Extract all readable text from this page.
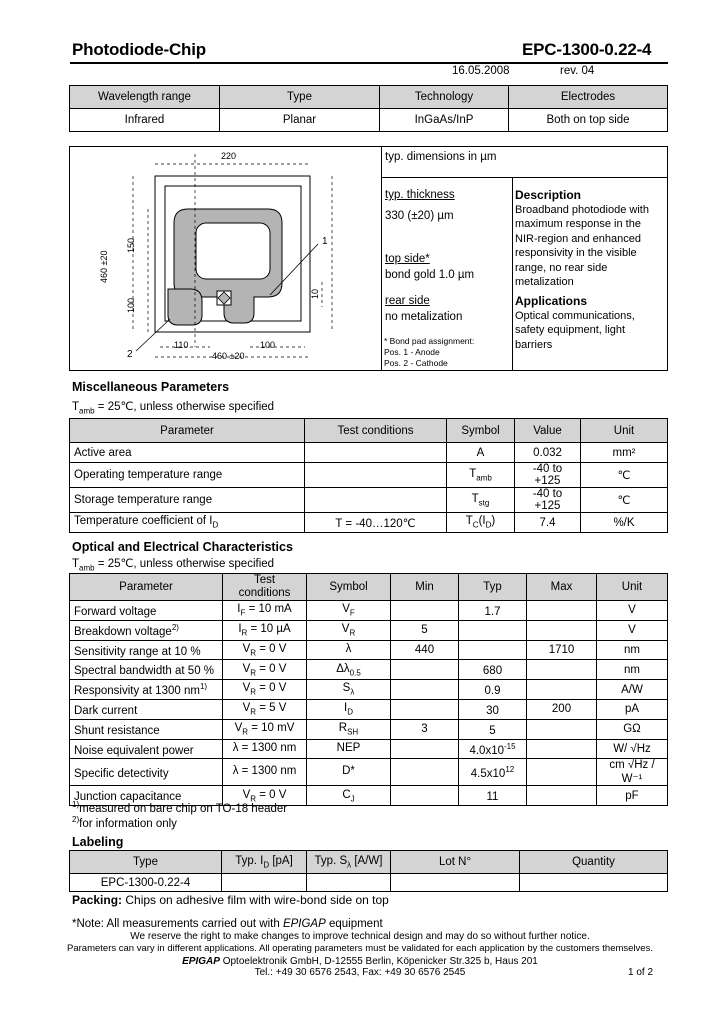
Photodiode-Chip	EPC-1300-0.22-4
16.05.2008	rev. 04
Wavelength range	Type	Technology	Electrodes
Infrared	Planar	InGaAs/InP	Both on top side
1
2
220
460 ±20
150
100
110	100
460 ±20
10
* Bond pad assignment:
Pos. 1 - Anode
Pos. 2 - Cathode
typ. dimensions in µm
typ. thickness
330 (±20) µm
top side*
bond gold 1.0 µm
rear side
no metalization
Description
Broadband photodiode with maximum response in the NIR-region and enhanced responsivity in the visible range, no rear side metalization
Applications
Optical communications, safety equipment, light barriers
Miscellaneous Parameters
$T_{amb}$ = 25℃, unless otherwise specified
Parameter	Test conditions	Symbol	Value	Unit
Active area		A	0.032	mm²
Operating temperature range		$T_{amb}$	-40 to +125	℃
Storage temperature range		$T_{stg}$	-40 to +125	℃
Temperature coefficient of $I_D$	T = -40…120℃	$T_C(I_D)$	7.4	%/K
Optical and Electrical Characteristics
$T_{amb}$ = 25℃, unless otherwise specified
Parameter	Test conditions	Symbol	Min	Typ	Max	Unit
Forward voltage	$I_F = 10$ mA	$V_F$		1.7		V
Breakdown voltage$^{2)}$	$I_R = 10$ µA	$V_R$	5			V
Sensitivity range at 10 %	$V_R = 0$ V	λ	440		1710	nm
Spectral bandwidth at 50 %	$V_R = 0$ V	$\Delta\lambda_{0.5}$		680		nm
Responsivity at 1300 $nm^{1)}$	$V_R = 0$ V	$S_\lambda$		0.9		A/W
Dark current	$V_R = 5$ V	$I_D$		30	200	pA
Shunt resistance	$V_R = 10$ mV	$R_{SH}$	3	5		GΩ
Noise equivalent power	λ = 1300 nm	NEP		$4.0x10^{-15}$		W/ √Hz
Specific detectivity	λ = 1300 nm	D*		$4.5x10^{12}$		cm √Hz / W⁻¹
Junction capacitance	$V_R = 0$ V	$C_J$		11		pF
$^{1)}$measured on bare chip on TO-18 header
$^{2)}$for information only
Labeling
Type	Typ. $I_D$ [pA]	Typ. $S_\lambda$ [A/W]	Lot N°	Quantity
EPC-1300-0.22-4				
Packing: Chips on adhesive film with wire-bond side on top
*Note: All measurements carried out with EPIGAP equipment
We reserve the right to make changes to improve technical design and may do so without further notice.
Parameters can vary in different applications. All operating parameters must be validated for each application by the customers themselves.
EPIGAP Optoelektronik GmbH, D-12555 Berlin, Köpenicker Str.325 b, Haus 201
Tel.: +49 30 6576 2543, Fax: +49 30 6576 2545	1 of 2
